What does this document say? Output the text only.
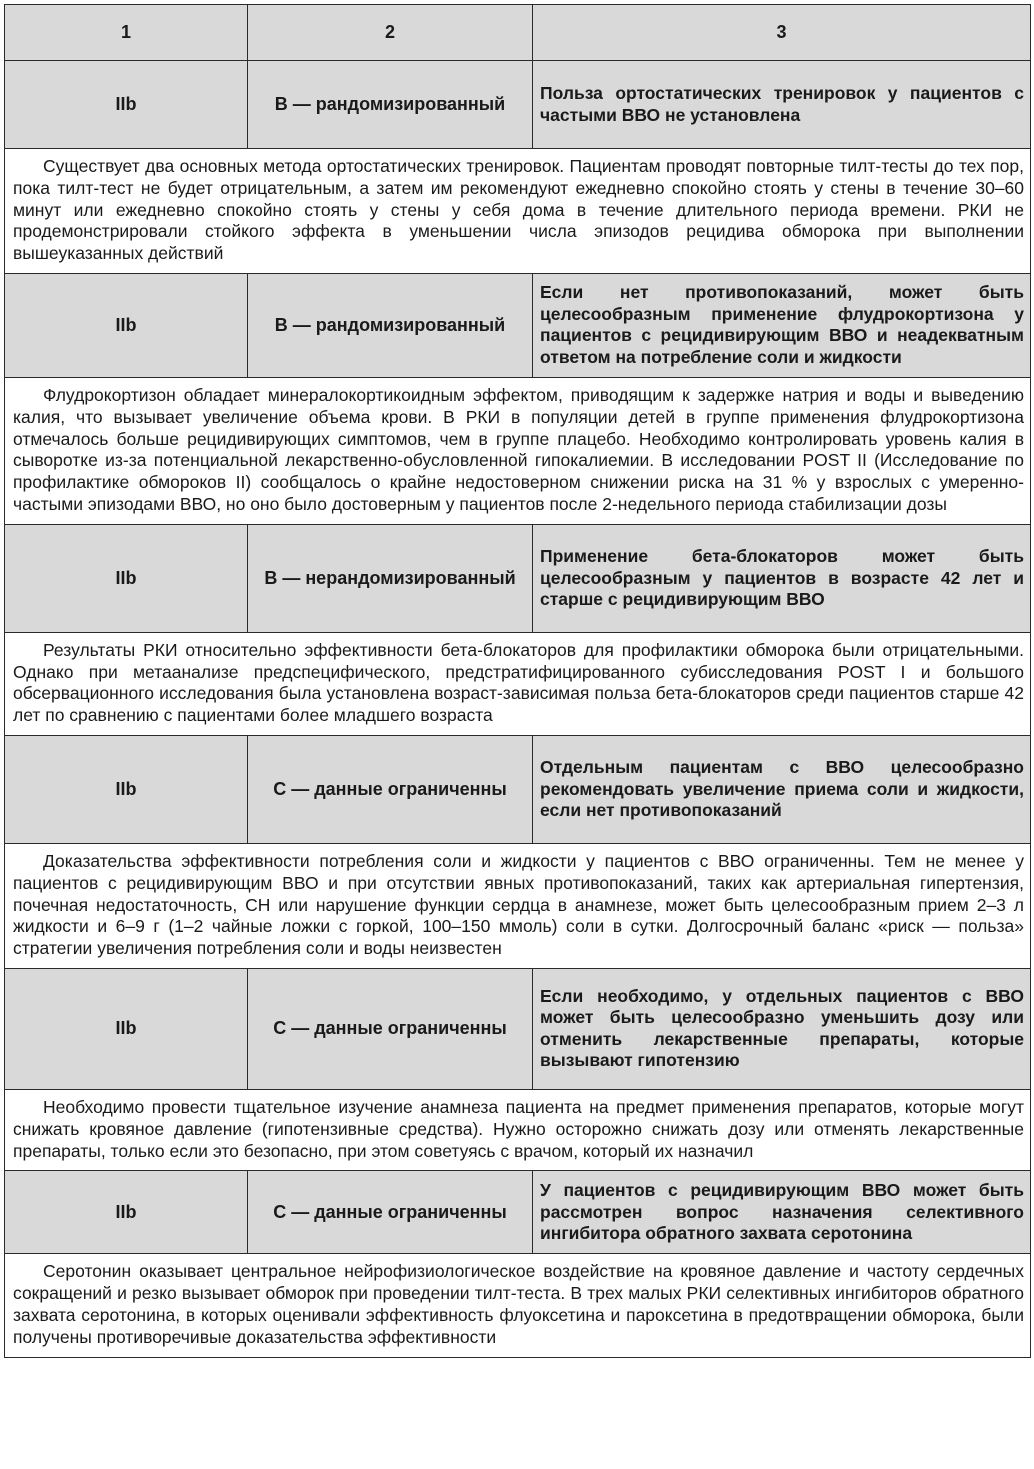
1	2	3
IIb	B — рандомизированный	Польза ортостатических тренировок у пациентов с частыми ВВО не установлена
Существует два основных метода ортостатических тренировок. Пациентам проводят повторные тилт-тесты до тех пор, пока тилт-тест не будет отрицательным, а затем им рекомендуют ежедневно спокойно стоять у стены в течение 30–60 минут или ежедневно спокойно стоять у стены у себя дома в течение длительного периода времени. РКИ не продемонстрировали стойкого эффекта в уменьшении числа эпизодов рецидива обморока при выполнении вышеуказанных действий		
IIb	B — рандомизированный	Если нет противопоказаний, может быть целесообразным применение флудрокортизона у пациентов с рецидивирующим ВВО и неадекватным ответом на потребление соли и жидкости
Флудрокортизон обладает минералокортикоидным эффектом, приводящим к задержке натрия и воды и выведению калия, что вызывает увеличение объема крови. В РКИ в популяции детей в группе применения флудрокортизона отмечалось больше рецидивирующих симптомов, чем в группе плацебо. Необходимо контролировать уровень калия в сыворотке из-за потенциальной лекарственно-обусловленной гипокалиемии. В исследовании POST II (Исследование по профилактике обмороков II) сообщалось о крайне недостоверном снижении риска на 31 % у взрослых с умеренно-частыми эпизодами ВВО, но оно было достоверным у пациентов после 2-недельного периода стабилизации дозы		
IIb	B — нерандомизированный	Применение бета-блокаторов может быть целесообразным у пациентов в возрасте 42 лет и старше с рецидивирующим ВВО
Результаты РКИ относительно эффективности бета-блокаторов для профилактики обморока были отрицательными. Однако при метаанализе предспецифического, предстратифицированного субисследования POST I и большого обсервационного исследования была установлена возраст-зависимая польза бета-блокаторов среди пациентов старше 42 лет по сравнению с пациентами более младшего возраста		
IIb	C — данные ограниченны	Отдельным пациентам с ВВО целесообразно рекомендовать увеличение приема соли и жидкости, если нет противопоказаний
Доказательства эффективности потребления соли и жидкости у пациентов с ВВО ограниченны. Тем не менее у пациентов с рецидивирующим ВВО и при отсутствии явных противопоказаний, таких как артериальная гипертензия, почечная недостаточность, СН или нарушение функции сердца в анамнезе, может быть целесообразным прием 2–3 л жидкости и 6–9 г (1–2 чайные ложки с горкой, 100–150 ммоль) соли в сутки. Долгосрочный баланс «риск — польза» стратегии увеличения потребления соли и воды неизвестен		
IIb	C — данные ограниченны	Если необходимо, у отдельных пациентов с ВВО может быть целесообразно уменьшить дозу или отменить лекарственные препараты, которые вызывают гипотензию
Необходимо провести тщательное изучение анамнеза пациента на предмет применения препаратов, которые могут снижать кровяное давление (гипотензивные средства). Нужно осторожно снижать дозу или отменять лекарственные препараты, только если это безопасно, при этом советуясь с врачом, который их назначил		
IIb	C — данные ограниченны	У пациентов с рецидивирующим ВВО может быть рассмотрен вопрос назначения селективного ингибитора обратного захвата серотонина
Серотонин оказывает центральное нейрофизиологическое воздействие на кровяное давление и частоту сердечных сокращений и резко вызывает обморок при проведении тилт-теста. В трех малых РКИ селективных ингибиторов обратного захвата серотонина, в которых оценивали эффективность флуоксетина и пароксетина в предотвращении обморока, были получены противоречивые доказательства эффективности		
